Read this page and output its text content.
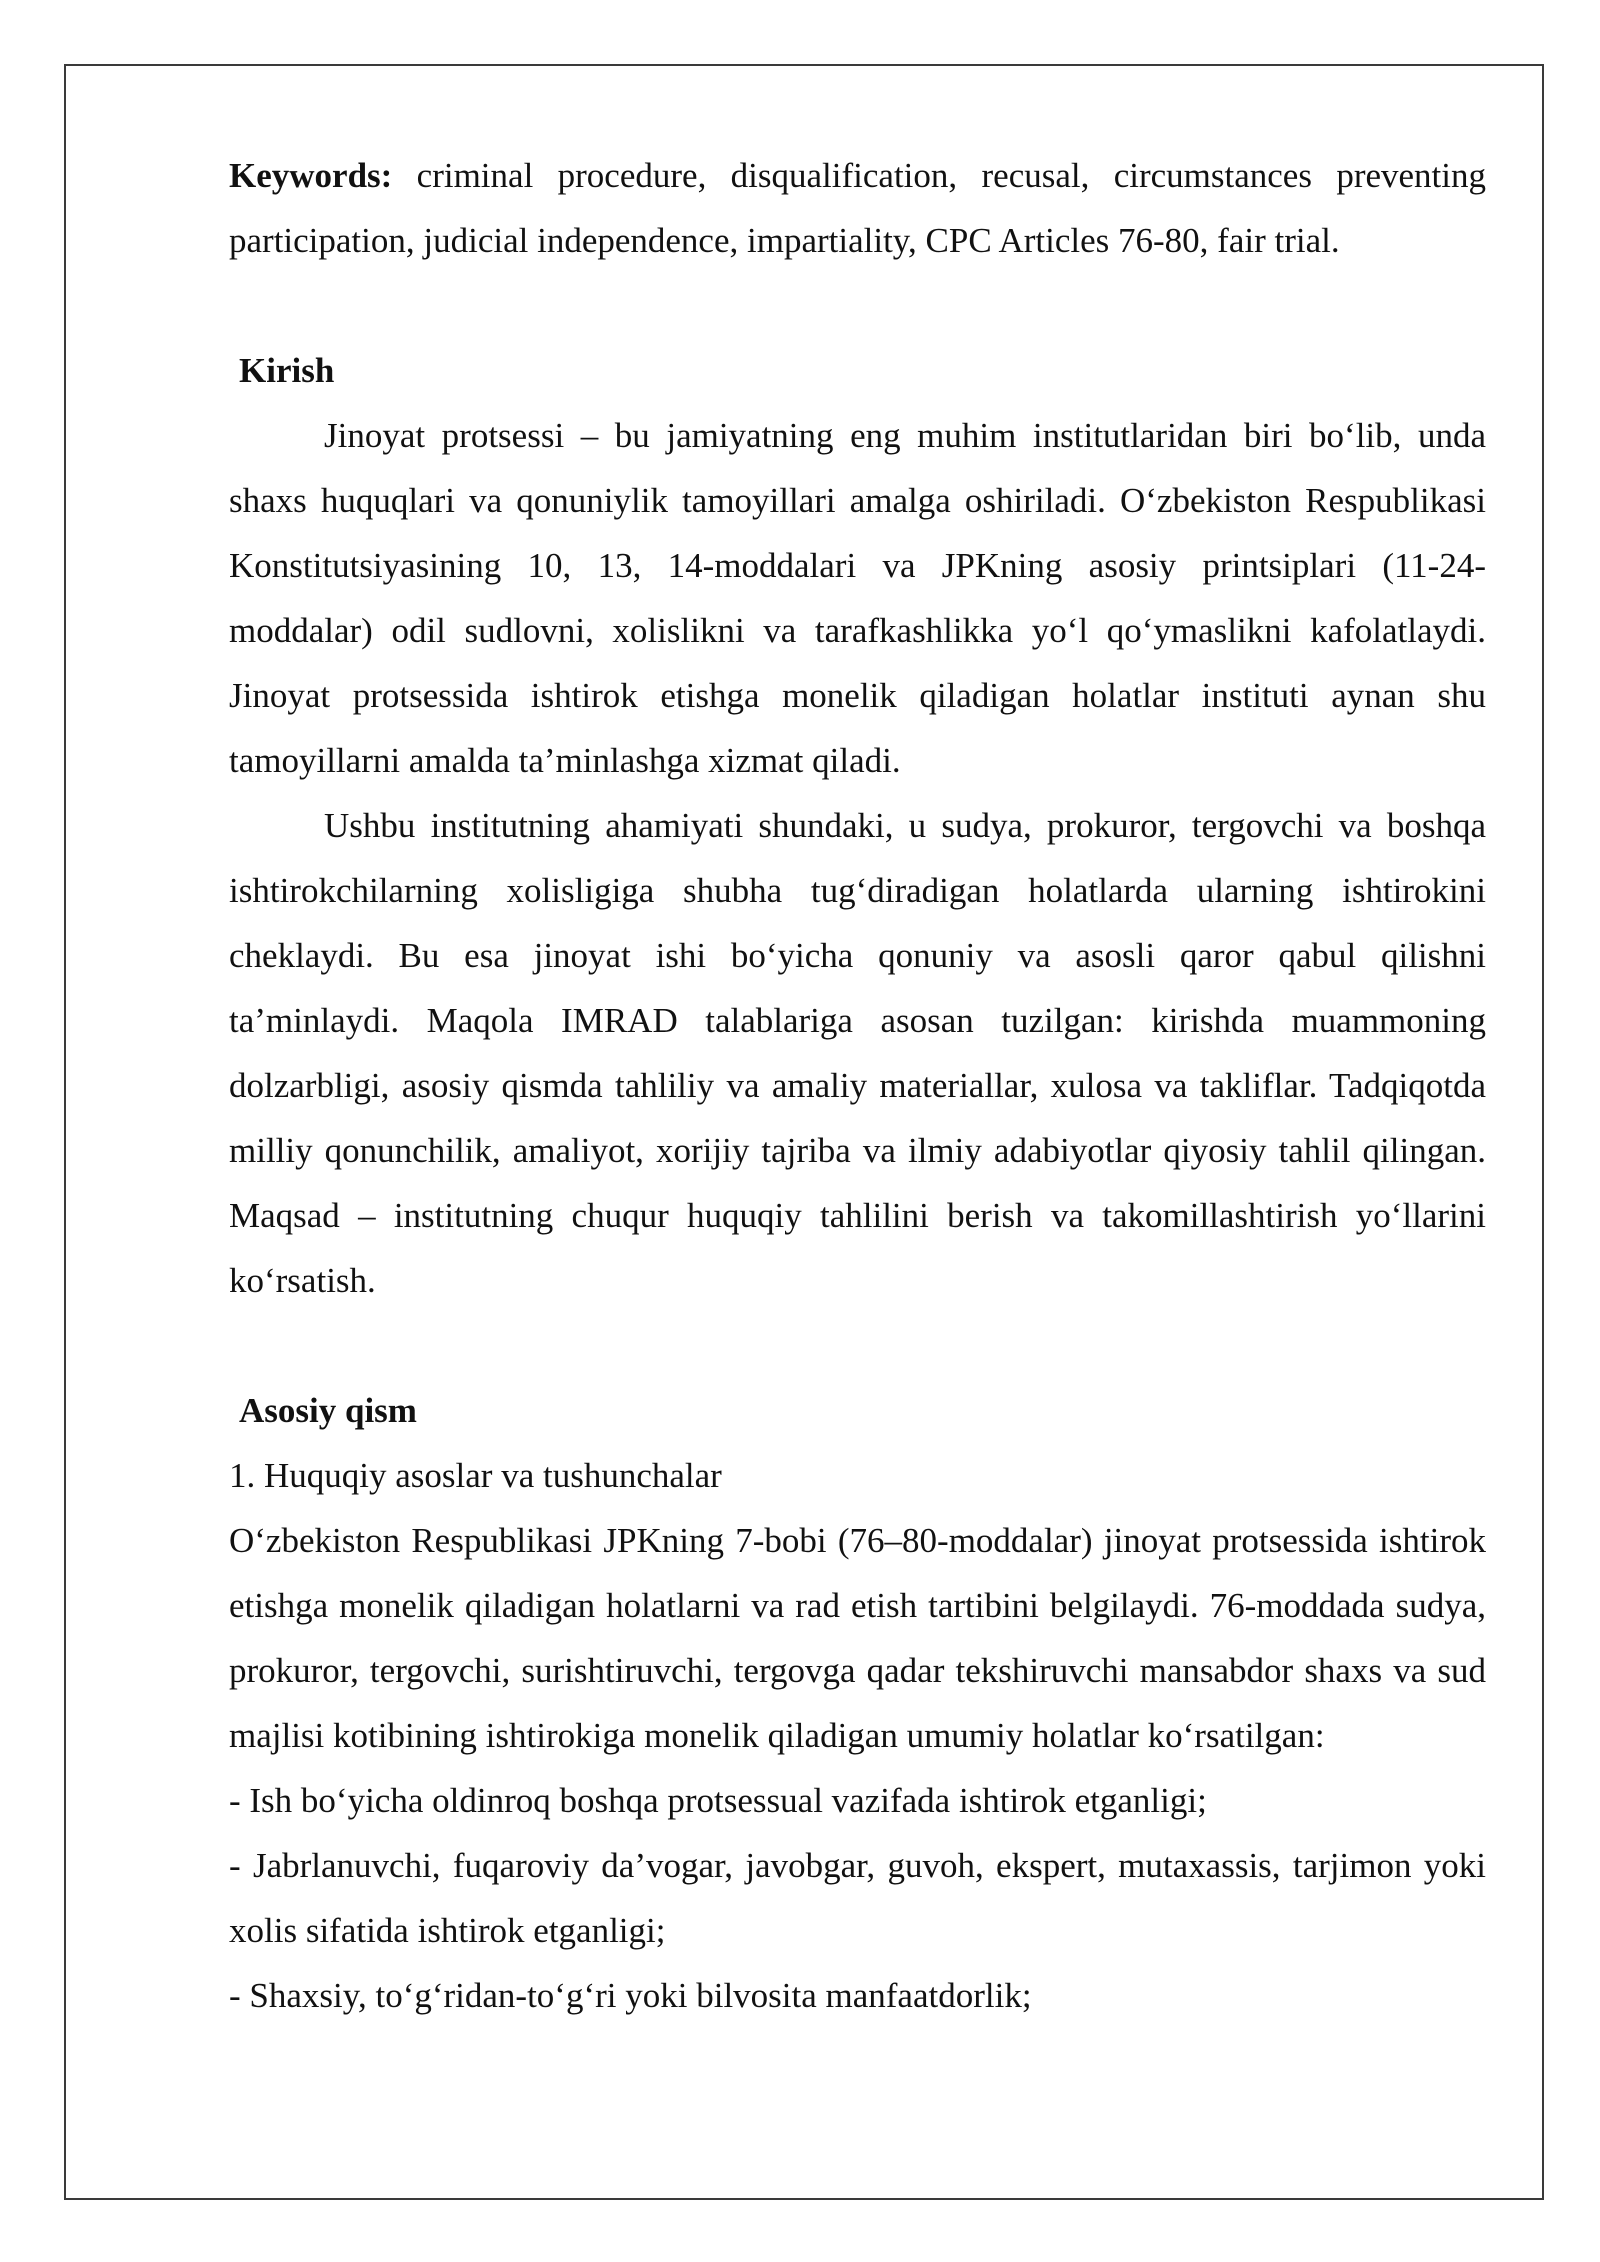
Keywords: criminal procedure, disqualification, recusal, circumstances preventing participation, judicial independence, impartiality, CPC Articles 76-80, fair trial.

Kirish

Jinoyat protsessi – bu jamiyatning eng muhim institutlaridan biri bo‘lib, unda shaxs huquqlari va qonuniylik tamoyillari amalga oshiriladi. O‘zbekiston Respublikasi Konstitutsiyasining 10, 13, 14-moddalari va JPKning asosiy printsiplari (11-24-moddalar) odil sudlovni, xolislikni va tarafkashlikka yo‘l qo‘ymaslikni kafolatlaydi. Jinoyat protsessida ishtirok etishga monelik qiladigan holatlar instituti aynan shu tamoyillarni amalda ta’minlashga xizmat qiladi.

Ushbu institutning ahamiyati shundaki, u sudya, prokuror, tergovchi va boshqa ishtirokchilarning xolisligiga shubha tug‘diradigan holatlarda ularning ishtirokini cheklaydi. Bu esa jinoyat ishi bo‘yicha qonuniy va asosli qaror qabul qilishni ta’minlaydi. Maqola IMRAD talablariga asosan tuzilgan: kirishda muammoning dolzarbligi, asosiy qismda tahliliy va amaliy materiallar, xulosa va takliflar. Tadqiqotda milliy qonunchilik, amaliyot, xorijiy tajriba va ilmiy adabiyotlar qiyosiy tahlil qilingan. Maqsad – institutning chuqur huquqiy tahlilini berish va takomillashtirish yo‘llarini ko‘rsatish.

Asosiy qism

1. Huquqiy asoslar va tushunchalar

O‘zbekiston Respublikasi JPKning 7-bobi (76–80-moddalar) jinoyat protsessida ishtirok etishga monelik qiladigan holatlarni va rad etish tartibini belgilaydi. 76-moddada sudya, prokuror, tergovchi, surishtiruvchi, tergovga qadar tekshiruvchi mansabdor shaxs va sud majlisi kotibining ishtirokiga monelik qiladigan umumiy holatlar ko‘rsatilgan:

- Ish bo‘yicha oldinroq boshqa protsessual vazifada ishtirok etganligi;

- Jabrlanuvchi, fuqaroviy da’vogar, javobgar, guvoh, ekspert, mutaxassis, tarjimon yoki xolis sifatida ishtirok etganligi;

- Shaxsiy, to‘g‘ridan-to‘g‘ri yoki bilvosita manfaatdorlik;
